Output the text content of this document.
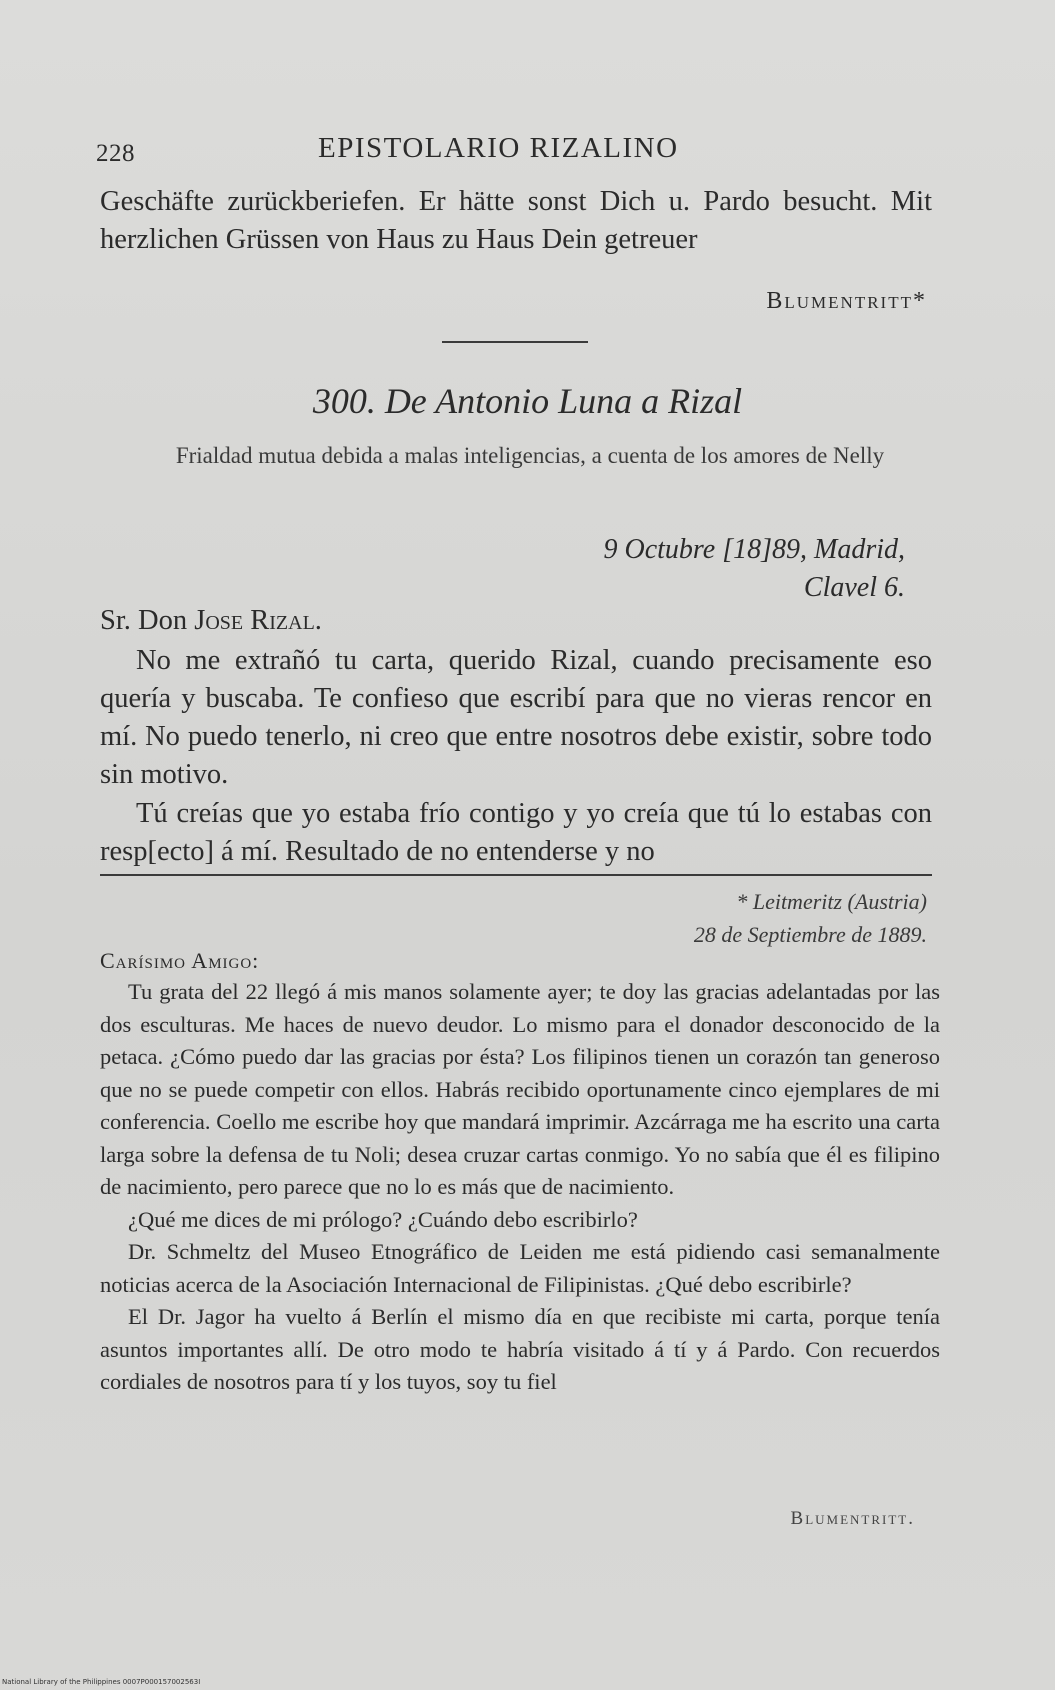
228	EPISTOLARIO RIZALINO

Geschäfte zurückberiefen. Er hätte sonst Dich u. Pardo besucht. Mit herzlichen Grüssen von Haus zu Haus Dein getreuer

Blumentritt*
300. De Antonio Luna a Rizal
Frialdad mutua debida a malas inteligencias, a cuenta de los amores de Nelly
9 Octubre [18]89, Madrid,
Clavel 6.
Sr. Don Jose Rizal.

No me extrañó tu carta, querido Rizal, cuando precisamente eso quería y buscaba. Te confieso que escribí para que no vieras rencor en mí. No puedo tenerlo, ni creo que entre nosotros debe existir, sobre todo sin motivo.

Tú creías que yo estaba frío contigo y yo creía que tú lo estabas con resp[ecto] á mí. Resultado de no entenderse y no

* Leitmeritz (Austria)
28 de Septiembre de 1889.
Carísimo Amigo:

Tu grata del 22 llegó á mis manos solamente ayer; te doy las gracias adelantadas por las dos esculturas. Me haces de nuevo deudor. Lo mismo para el donador desconocido de la petaca. ¿Cómo puedo dar las gracias por ésta? Los filipinos tienen un corazón tan generoso que no se puede competir con ellos. Habrás recibido oportunamente cinco ejemplares de mi conferencia. Coello me escribe hoy que mandará imprimir. Azcárraga me ha escrito una carta larga sobre la defensa de tu Noli; desea cruzar cartas conmigo. Yo no sabía que él es filipino de nacimiento, pero parece que no lo es más que de nacimiento.

¿Qué me dices de mi prólogo? ¿Cuándo debo escribirlo?

Dr. Schmeltz del Museo Etnográfico de Leiden me está pidiendo casi semanalmente noticias acerca de la Asociación Internacional de Filipinistas. ¿Qué debo escribirle?

El Dr. Jagor ha vuelto á Berlín el mismo día en que recibiste mi carta, porque tenía asuntos importantes allí. De otro modo te habría visitado á tí y á Pardo. Con recuerdos cordiales de nosotros para tí y los tuyos, soy tu fiel

Blumentritt.
National Library of the Philippines 0007P000157002563I
